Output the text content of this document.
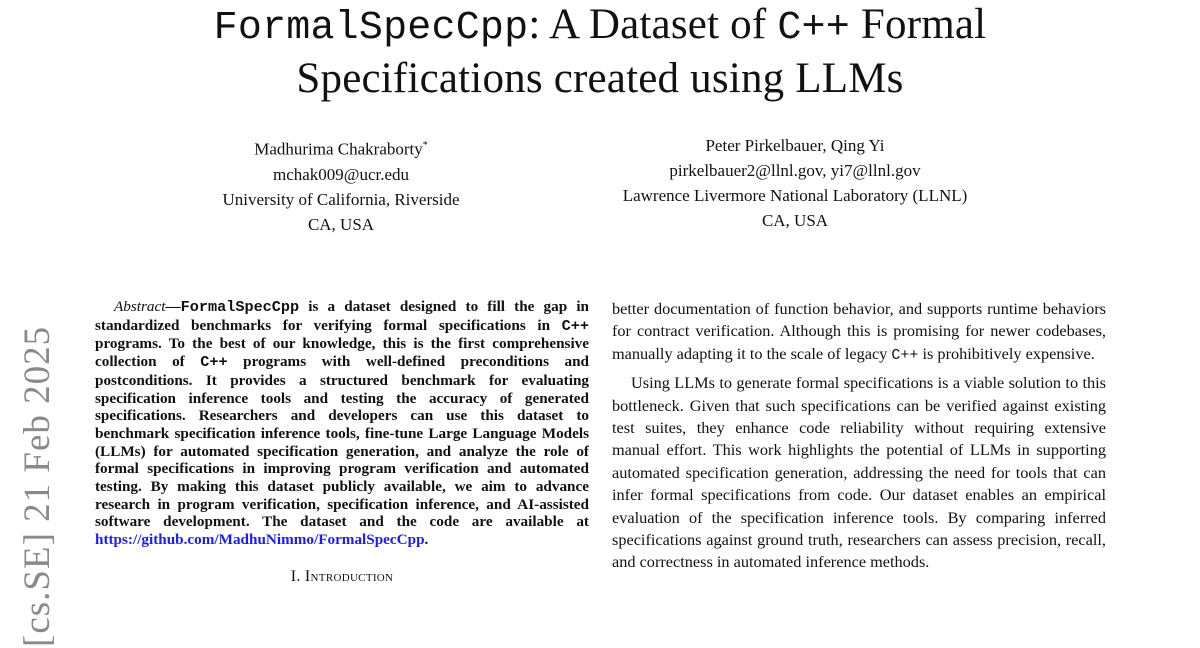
FormalSpecCpp: A Dataset of C++ Formal
Specifications created using LLMs
Madhurima Chakraborty*
mchak009@ucr.edu
University of California, Riverside
CA, USA
Peter Pirkelbauer, Qing Yi
pirkelbauer2@llnl.gov, yi7@llnl.gov
Lawrence Livermore National Laboratory (LLNL)
CA, USA
[cs.SE] 21 Feb 2025

Abstract—FormalSpecCpp is a dataset designed to fill the gap in standardized benchmarks for verifying formal specifications in C++ programs. To the best of our knowledge, this is the first comprehensive collection of C++ programs with well-defined preconditions and postconditions. It provides a structured benchmark for evaluating specification inference tools and testing the accuracy of generated specifications. Researchers and developers can use this dataset to benchmark specification inference tools, fine-tune Large Language Models (LLMs) for automated specification generation, and analyze the role of formal specifications in improving program verification and automated testing. By making this dataset publicly available, we aim to advance research in program verification, specification inference, and AI-assisted software development. The dataset and the code are available at https://github.com/MadhuNimmo/FormalSpecCpp.

I. Introduction

better documentation of function behavior, and supports runtime behaviors for contract verification. Although this is promising for newer codebases, manually adapting it to the scale of legacy C++ is prohibitively expensive.

Using LLMs to generate formal specifications is a viable solution to this bottleneck. Given that such specifications can be verified against existing test suites, they enhance code reliability without requiring extensive manual effort. This work highlights the potential of LLMs in supporting automated specification generation, addressing the need for tools that can infer formal specifications from code. Our dataset enables an empirical evaluation of the specification inference tools. By comparing inferred specifications against ground truth, researchers can assess precision, recall, and correctness in automated inference methods.
